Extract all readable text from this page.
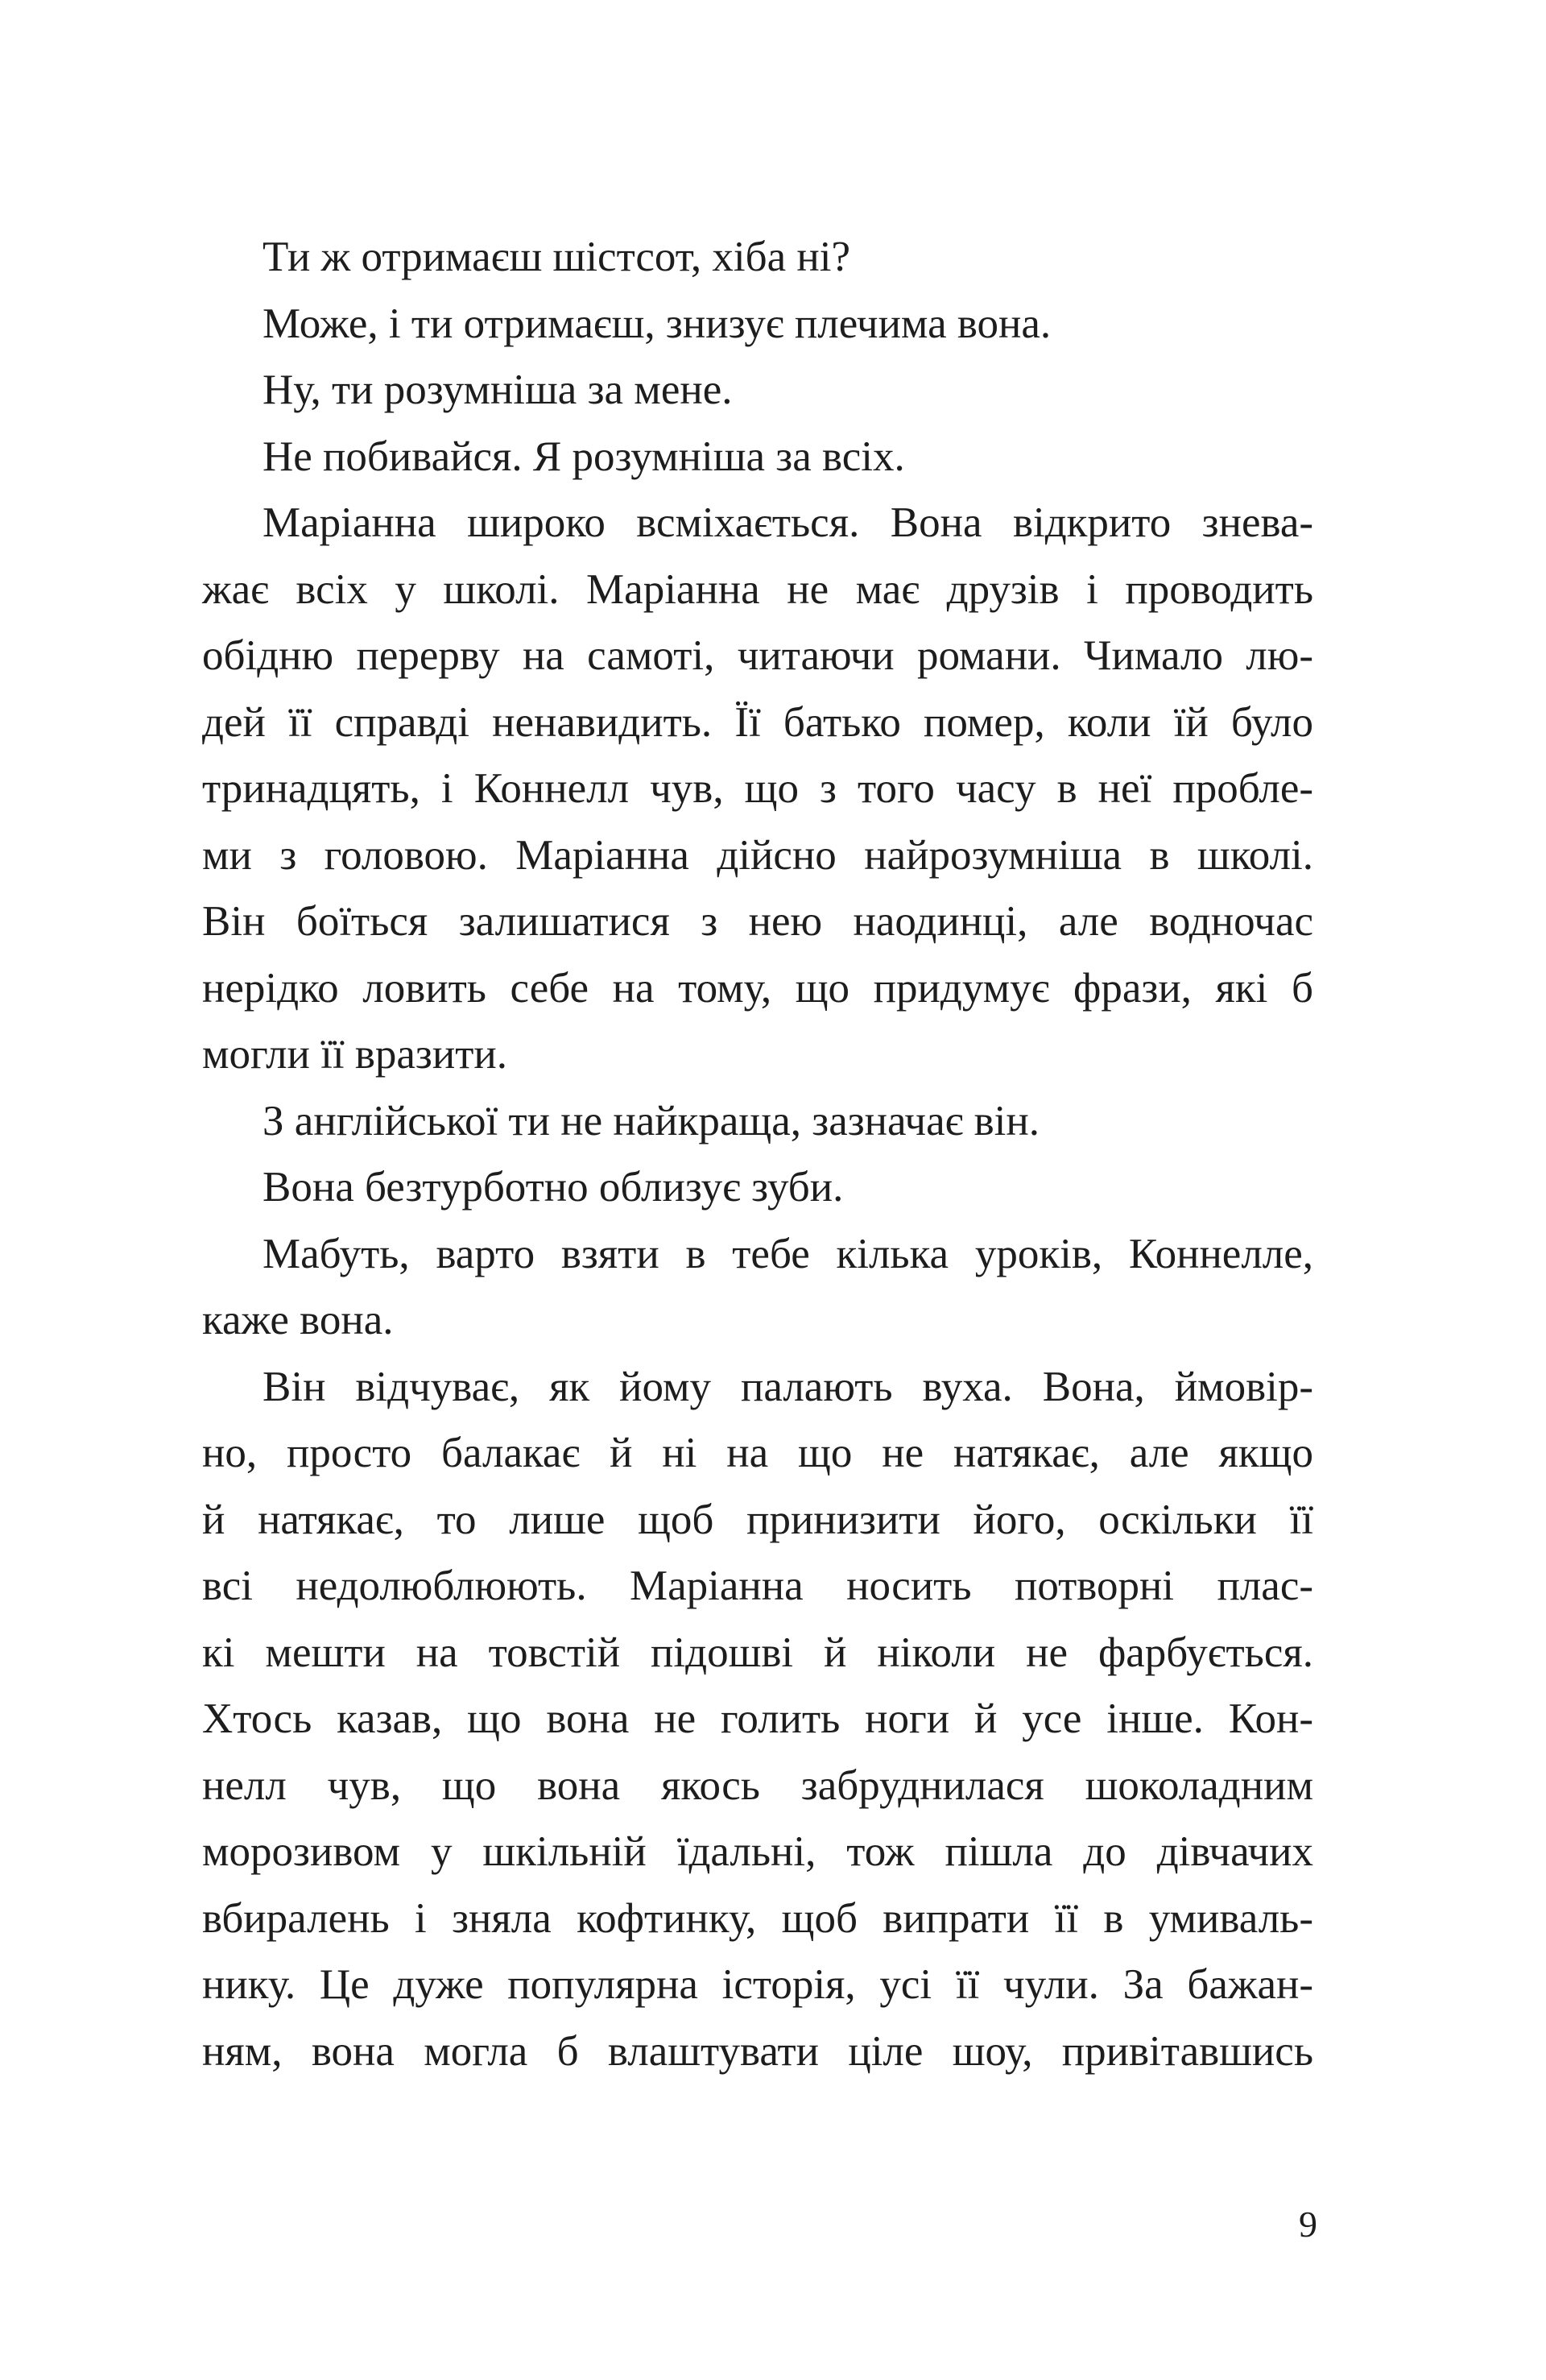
Ти ж отримаєш шістсот, хіба ні?
Може, і ти отримаєш, знизує плечима вона.
Ну, ти розумніша за мене.
Не побивайся. Я розумніша за всіх.
Маріанна широко всміхається. Вона відкрито знева-
жає всіх у школі. Маріанна не має друзів і проводить
обідню перерву на самоті, читаючи романи. Чимало лю-
дей її справді ненавидить. Її батько помер, коли їй було
тринадцять, і Коннелл чув, що з того часу в неї пробле-
ми з головою. Маріанна дійсно найрозумніша в школі.
Він боїться залишатися з нею наодинці, але водночас
нерідко ловить себе на тому, що придумує фрази, які б
могли її вразити.
З англійської ти не найкраща, зазначає він.
Вона безтурботно облизує зуби.
Мабуть, варто взяти в тебе кілька уроків, Коннелле,
каже вона.
Він відчуває, як йому палають вуха. Вона, ймовір-
но, просто балакає й ні на що не натякає, але якщо
й натякає, то лише щоб принизити його, оскільки її
всі недолюблюють. Маріанна носить потворні плас-
кі мешти на товстій підошві й ніколи не фарбується.
Хтось казав, що вона не голить ноги й усе інше. Кон-
нелл чув, що вона якось забруднилася шоколадним
морозивом у шкільній їдальні, тож пішла до дівчачих
вбиралень і зняла кофтинку, щоб випрати її в умиваль-
нику. Це дуже популярна історія, усі її чули. За бажан-
ням, вона могла б влаштувати ціле шоу, привітавшись
9
